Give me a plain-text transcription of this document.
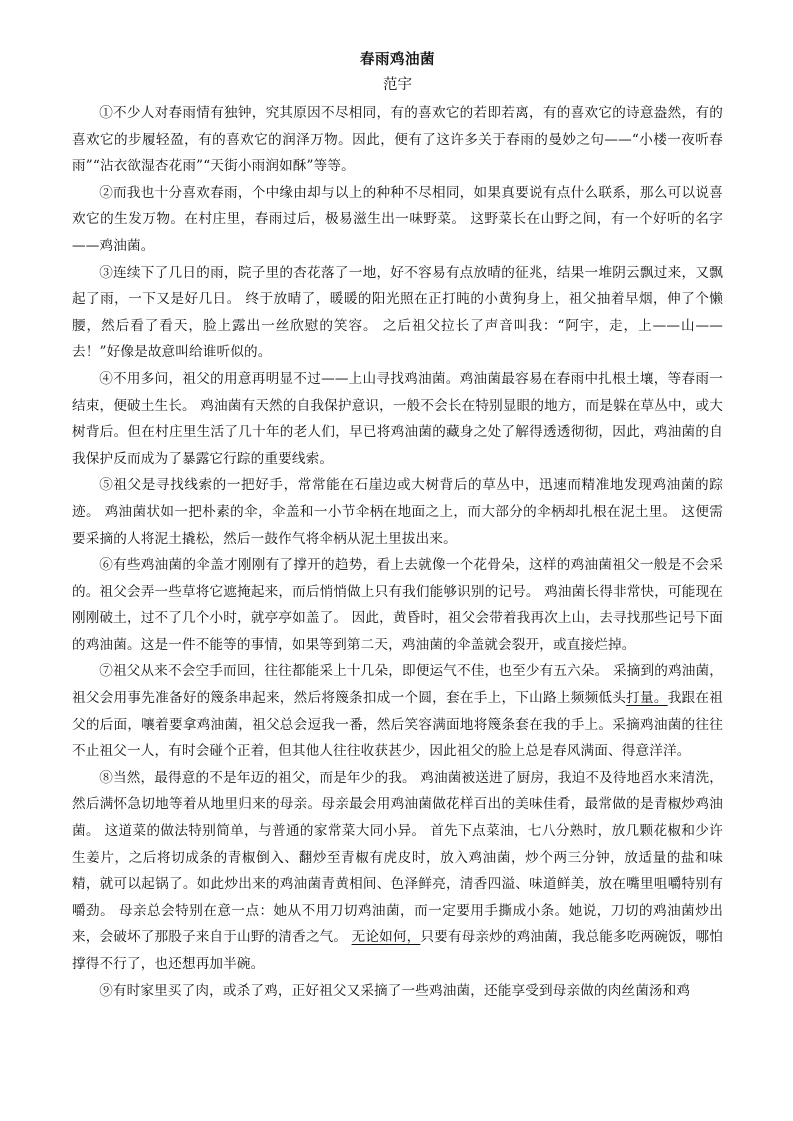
春雨鸡油菌
范宇

①不少人对春雨情有独钟，究其原因不尽相同，有的喜欢它的若即若离，有的喜欢它的诗意盎然，有的喜欢它的步履轻盈，有的喜欢它的润泽万物。因此，便有了这许多关于春雨的曼妙之句——“小楼一夜听春雨”“沾衣欲湿杏花雨”“天街小雨润如酥”等等。

②而我也十分喜欢春雨，个中缘由却与以上的种种不尽相同，如果真要说有点什么联系，那么可以说喜欢它的生发万物。在村庄里，春雨过后，极易滋生出一味野菜。 这野菜长在山野之间，有一个好听的名字——鸡油菌。

③连续下了几日的雨，院子里的杏花落了一地，好不容易有点放晴的征兆，结果一堆阴云飘过来，又飘起了雨，一下又是好几日。 终于放晴了，暖暖的阳光照在正打盹的小黄狗身上，祖父抽着早烟，伸了个懒腰，然后看了看天，脸上露出一丝欣慰的笑容。 之后祖父拉长了声音叫我：“阿宇，走，上——山——去！”好像是故意叫给谁听似的。

④不用多问，祖父的用意再明显不过——上山寻找鸡油菌。鸡油菌最容易在春雨中扎根土壤，等春雨一结束，便破土生长。 鸡油菌有天然的自我保护意识，一般不会长在特别显眼的地方，而是躲在草丛中，或大树背后。但在村庄里生活了几十年的老人们，早已将鸡油菌的藏身之处了解得透透彻彻，因此，鸡油菌的自我保护反而成为了暴露它行踪的重要线索。

⑤祖父是寻找线索的一把好手，常常能在石崖边或大树背后的草丛中，迅速而精准地发现鸡油菌的踪迹。 鸡油菌状如一把朴素的伞，伞盖和一小节伞柄在地面之上，而大部分的伞柄却扎根在泥土里。 这便需要采摘的人将泥土撬松，然后一鼓作气将伞柄从泥土里拔出来。

⑥有些鸡油菌的伞盖才刚刚有了撑开的趋势，看上去就像一个花骨朵，这样的鸡油菌祖父一般是不会采的。祖父会弄一些草将它遮掩起来，而后悄悄做上只有我们能够识别的记号。 鸡油菌长得非常快，可能现在刚刚破土，过不了几个小时，就亭亭如盖了。 因此，黄昏时，祖父会带着我再次上山，去寻找那些记号下面的鸡油菌。这是一件不能等的事情，如果等到第二天，鸡油菌的伞盖就会裂开，或直接烂掉。

⑦祖父从来不会空手而回，往往都能采上十几朵，即便运气不佳，也至少有五六朵。 采摘到的鸡油菌，祖父会用事先准备好的篾条串起来，然后将篾条扣成一个圆，套在手上，下山路上频频低头打量。我跟在祖父的后面，嚷着要拿鸡油菌，祖父总会逗我一番，然后笑容满面地将篾条套在我的手上。采摘鸡油菌的往往不止祖父一人，有时会碰个正着，但其他人往往收获甚少，因此祖父的脸上总是春风满面、得意洋洋。

⑧当然，最得意的不是年迈的祖父，而是年少的我。 鸡油菌被送进了厨房，我迫不及待地舀水来清洗，然后满怀急切地等着从地里归来的母亲。母亲最会用鸡油菌做花样百出的美味佳肴，最常做的是青椒炒鸡油菌。 这道菜的做法特别简单，与普通的家常菜大同小异。 首先下点菜油，七八分熟时，放几颗花椒和少许生姜片，之后将切成条的青椒倒入、翻炒至青椒有虎皮时，放入鸡油菌，炒个两三分钟，放适量的盐和味精，就可以起锅了。如此炒出来的鸡油菌青黄相间、色泽鲜亮，清香四溢、味道鲜美，放在嘴里咀嚼特别有嚼劲。 母亲总会特别在意一点：她从不用刀切鸡油菌，而一定要用手撕成小条。她说，刀切的鸡油菌炒出来，会破坏了那股子来自于山野的清香之气。 无论如何，只要有母亲炒的鸡油菌，我总能多吃两碗饭，哪怕撑得不行了，也还想再加半碗。

⑨有时家里买了肉，或杀了鸡，正好祖父又采摘了一些鸡油菌，还能享受到母亲做的肉丝菌汤和鸡
